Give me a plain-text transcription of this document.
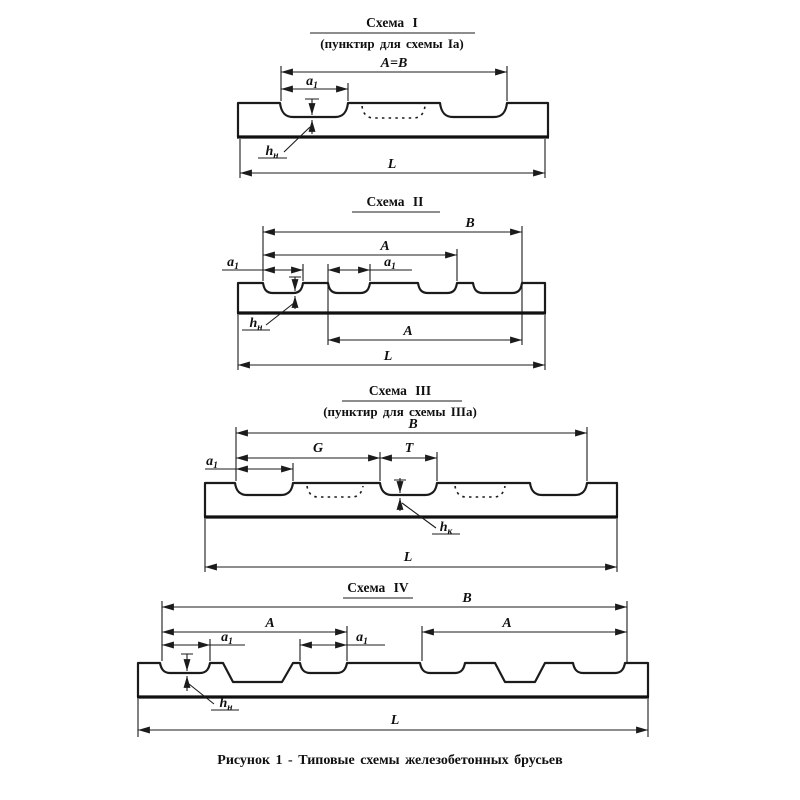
Схема I
(пунктир для схемы Iа)
A=B
$a_1$
$h_н$
L
Схема II
B
A
$a_1$	$a_1$
$h_н$	A
L
Схема III
(пунктир для схемы IIIа)
B
G	T
$a_1$
$h_к$
L
Схема IV
B
A	A
$a_1$	$a_1$
$h_н$
L
Рисунок 1 - Типовые схемы железобетонных брусьев
